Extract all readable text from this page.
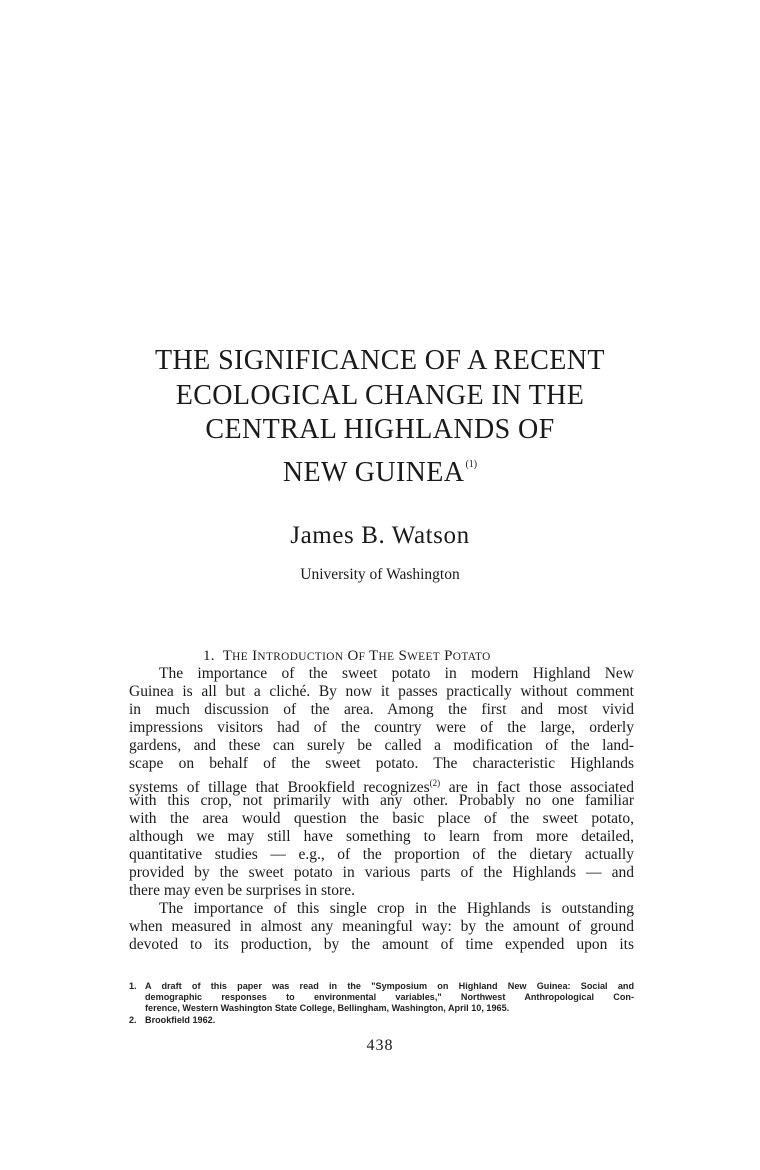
THE SIGNIFICANCE OF A RECENT
ECOLOGICAL CHANGE IN THE
CENTRAL HIGHLANDS OF
NEW GUINEA$^{(1)}$

James B. Watson

University of Washington

1. THE INTRODUCTION OF THE SWEET POTATO

The importance of the sweet potato in modern Highland New
Guinea is all but a cliché. By now it passes practically without comment
in much discussion of the area. Among the first and most vivid
impressions visitors had of the country were of the large, orderly
gardens, and these can surely be called a modification of the land-
scape on behalf of the sweet potato. The characteristic Highlands
systems of tillage that Brookfield recognizes$^{(2)}$ are in fact those associated
with this crop, not primarily with any other. Probably no one familiar
with the area would question the basic place of the sweet potato,
although we may still have something to learn from more detailed,
quantitative studies — e.g., of the proportion of the dietary actually
provided by the sweet potato in various parts of the Highlands — and
there may even be surprises in store.
The importance of this single crop in the Highlands is outstanding
when measured in almost any meaningful way: by the amount of ground
devoted to its production, by the amount of time expended upon its
1. A draft of this paper was read in the "Symposium on Highland New Guinea: Social and
demographic responses to environmental variables," Northwest Anthropological Con-
ference, Western Washington State College, Bellingham, Washington, April 10, 1965.
2. Brookfield 1962.

438
